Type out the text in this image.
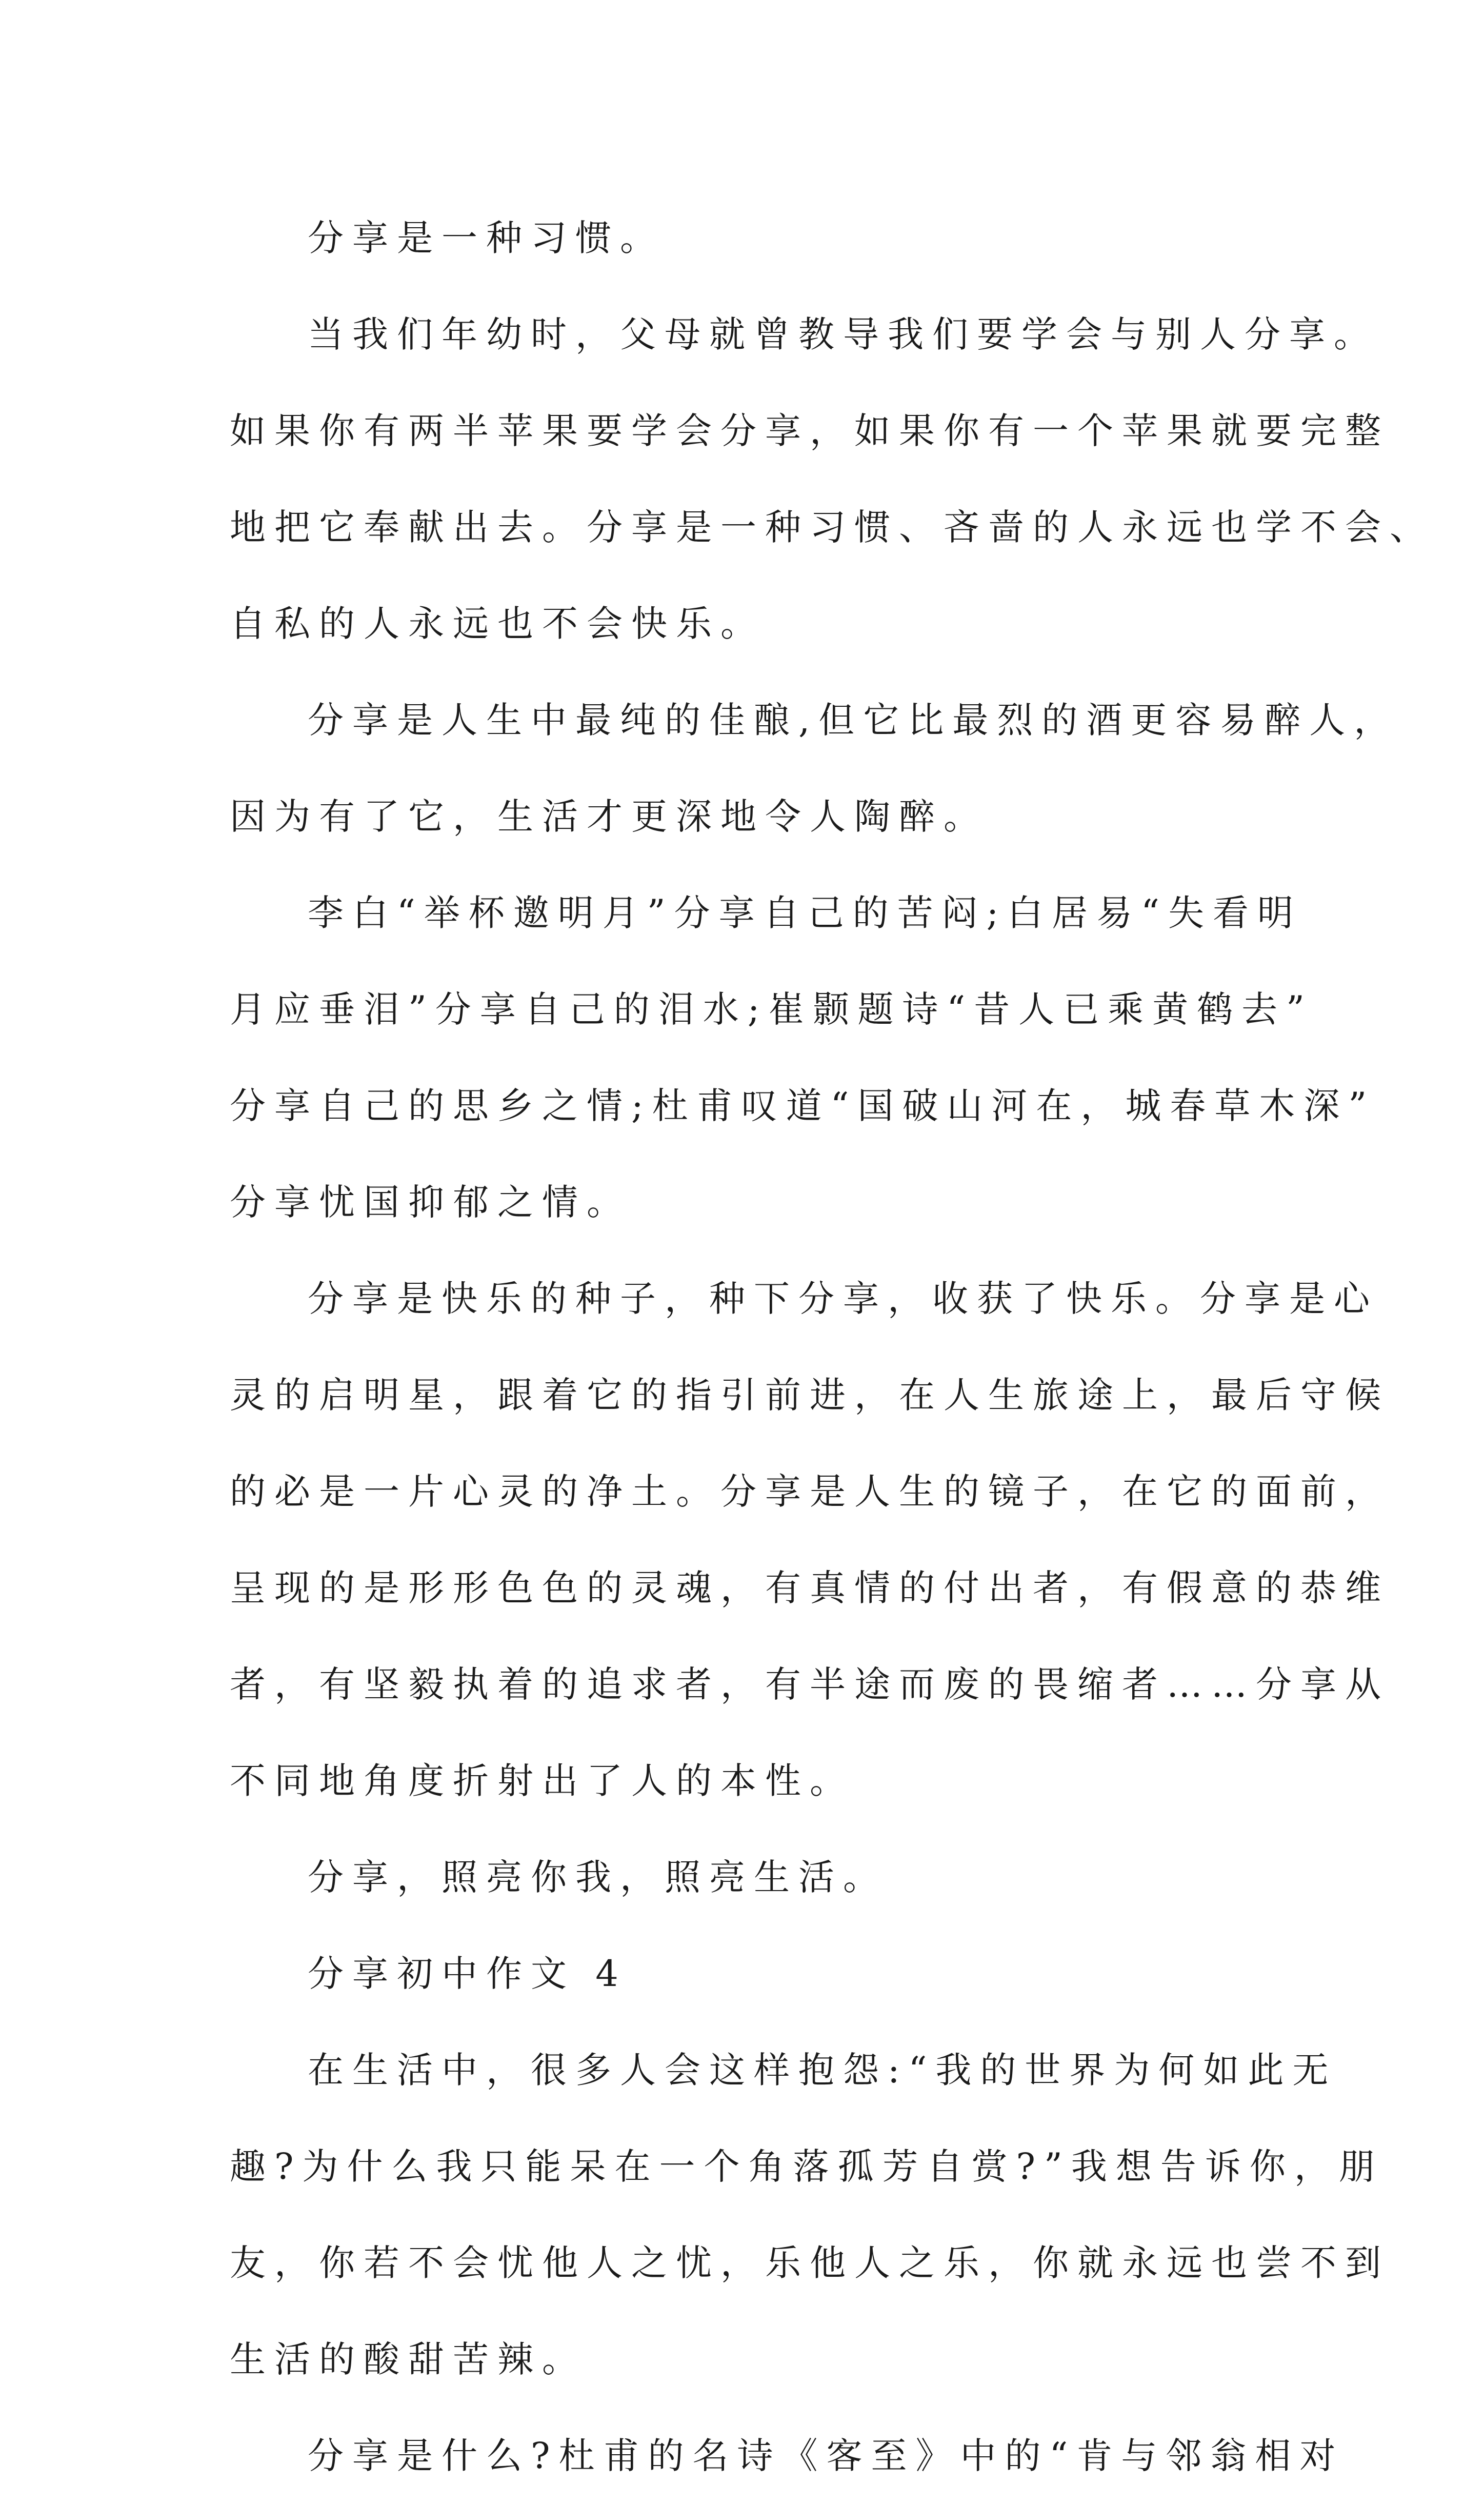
分享是一种习惯。
当我们年幼时，父母就曾教导我们要学会与别人分享。
如果你有两半苹果要学会分享，如果你有一个苹果就要完整
地把它奉献出去。分享是一种习惯、吝啬的人永远也学不会、
自私的人永远也不会快乐。
分享是人生中最纯的佳酿,但它比最烈的酒更容易醉人，
因为有了它，生活才更深地令人陶醉。
李白“举杯邀明月”分享自己的苦闷;白居易“失看明
月应垂泪”分享自己的泪水;崔颢题诗“昔人已乘黄鹤去”
分享自己的思乡之情;杜甫叹道“国破山河在，城春草木深”
分享忧国抑郁之情。
分享是快乐的种子，种下分享，收获了快乐。分享是心
灵的启明星，跟着它的指引前进，在人生旅途上，最后守候
的必是一片心灵的净土。分享是人生的镜子，在它的面前，
呈现的是形形色色的灵魂，有真情的付出者，有假意的恭维
者，有坚毅执着的追求者，有半途而废的畏缩者……分享从
不同地角度折射出了人的本性。
分享，照亮你我，照亮生活。
分享初中作文 4
在生活中，很多人会这样抱怨:“我的世界为何如此无
趣?为什么我只能呆在一个角落孤芳自赏?”我想告诉你，朋
友，你若不会忧他人之忧，乐他人之乐，你就永远也尝不到
生活的酸甜苦辣。
分享是什么?杜甫的名诗《客至》中的“肯与邻翁相对
